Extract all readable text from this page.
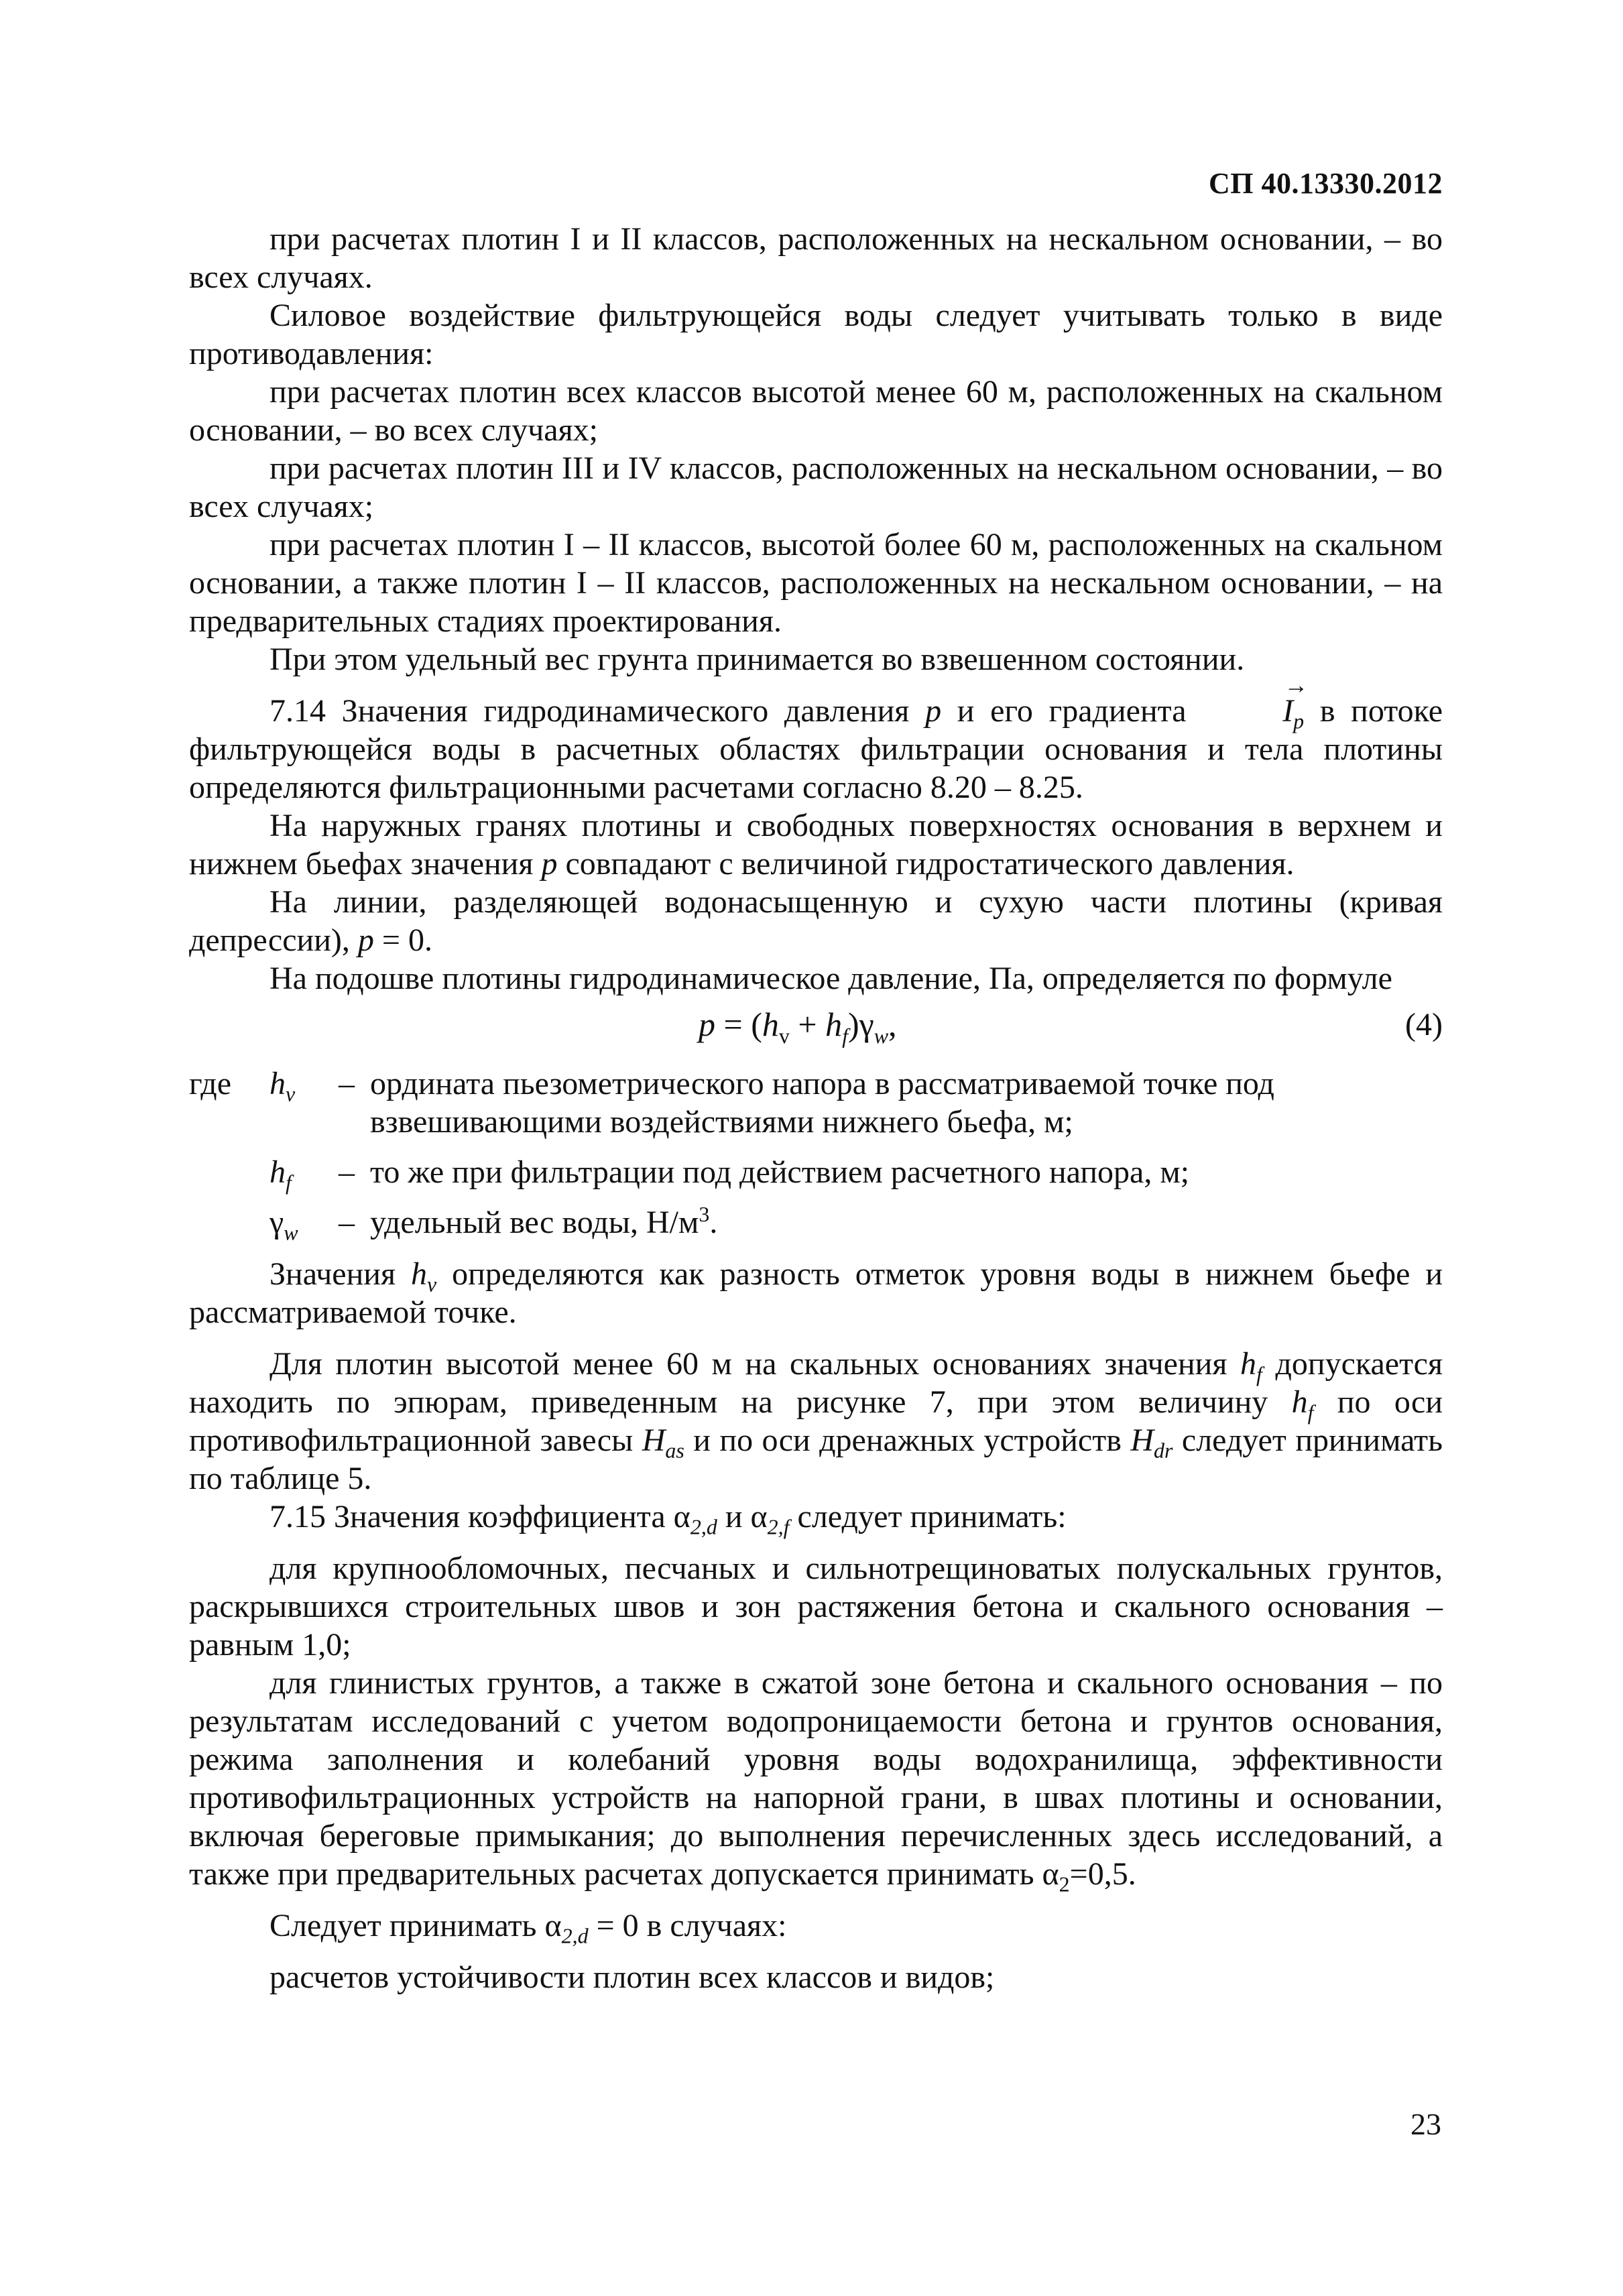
СП 40.13330.2012

при расчетах плотин I и II классов, расположенных на нескальном основании, – во всех случаях.

Силовое воздействие фильтрующейся воды следует учитывать только в виде противодавления:

при расчетах плотин всех классов высотой менее 60 м, расположенных на скальном основании, – во всех случаях;

при расчетах плотин III и IV классов, расположенных на нескальном основании, – во всех случаях;

при расчетах плотин I – II классов, высотой более 60 м, расположенных на скальном основании, а также плотин I – II классов, расположенных на нескальном основании, – на предварительных стадиях проектирования.

При этом удельный вес грунта принимается во взвешенном состоянии.

7.14 Значения гидродинамического давления p и его градиента	I
→
$_p$ в потоке фильтрующейся воды в расчетных областях фильтрации основания и тела плотины определяются фильтрационными расчетами согласно 8.20 – 8.25.

На наружных гранях плотины и свободных поверхностях основания в верхнем и нижнем бьефах значения p совпадают с величиной гидростатического давления.

На линии, разделяющей водонасыщенную и сухую части плотины (кривая депрессии), p = 0.

На подошве плотины гидродинамическое давление, Па, определяется по формуле

$p = (h_v + h_f)\gamma_w$,	(4)
где	$h_v$	– ордината пьезометрического напора в рассматриваемой точке под взвешивающими воздействиями нижнего бьефа, м;
$h_f$	– то же при фильтрации под действием расчетного напора, м;
$\gamma_w$	– удельный вес воды, $Н/м^3$.

Значения $h_v$ определяются как разность отметок уровня воды в нижнем бьефе и рассматриваемой точке.

Для плотин высотой менее 60 м на скальных основаниях значения $h_f$ допускается находить по эпюрам, приведенным на рисунке 7, при этом величину $h_f$ по оси противофильтрационной завесы $H_{as}$ и по оси дренажных устройств $H_{dr}$ следует принимать по таблице 5.

7.15 Значения коэффициента $\alpha_{2,d}$ и $\alpha_{2,f}$ следует принимать:

для крупнообломочных, песчаных и сильнотрещиноватых полускальных грунтов, раскрывшихся строительных швов и зон растяжения бетона и скального основания – равным 1,0;

для глинистых грунтов, а также в сжатой зоне бетона и скального основания – по результатам исследований с учетом водопроницаемости бетона и грунтов основания, режима заполнения и колебаний уровня воды водохранилища, эффективности противофильтрационных устройств на напорной грани, в швах плотины и основании, включая береговые примыкания; до выполнения перечисленных здесь исследований, а также при предварительных расчетах допускается принимать $\alpha_2=0,5$.

Следует принимать $\alpha_{2,d} = 0$ в случаях:

расчетов устойчивости плотин всех классов и видов;

23
